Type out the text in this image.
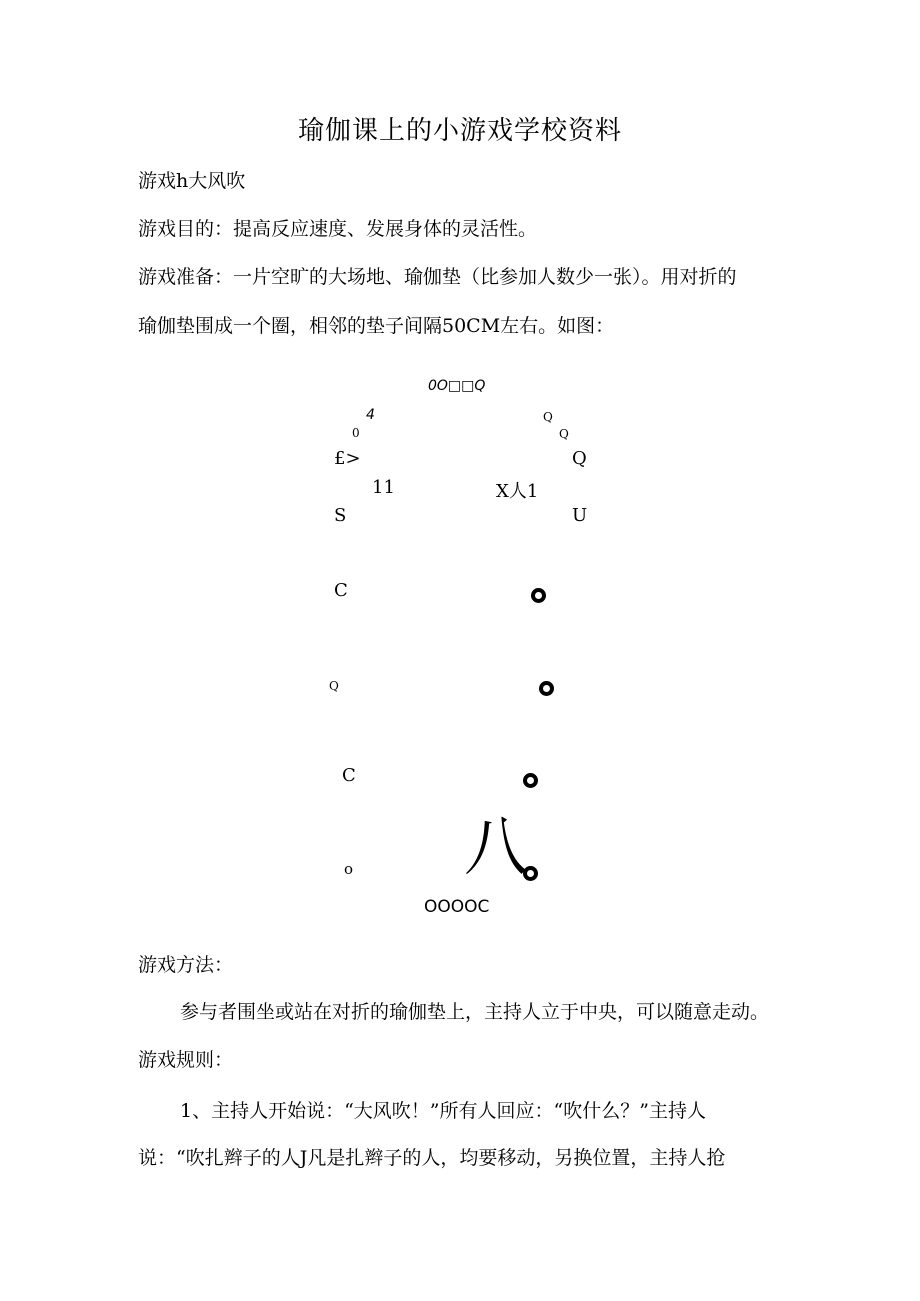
瑜伽课上的小游戏学校资料
游戏h大风吹
游戏目的：提高反应速度、发展身体的灵活性。
游戏准备：一片空旷的大场地、瑜伽垫（比参加人数少一张）。用对折的
瑜伽垫围成一个圈，相邻的垫子间隔50CM左右。如图：
0O□□Q
4
0
Q
Q
£>	Q
11	X人1
S	U
C
Q
C
o 八
OOOOC
游戏方法：
参与者围坐或站在对折的瑜伽垫上，主持人立于中央，可以随意走动。
游戏规则：
1、主持人开始说：“大风吹！”所有人回应：“吹什么？”主持人
说：“吹扎辫子的人J凡是扎辫子的人，均要移动，另换位置，主持人抢
